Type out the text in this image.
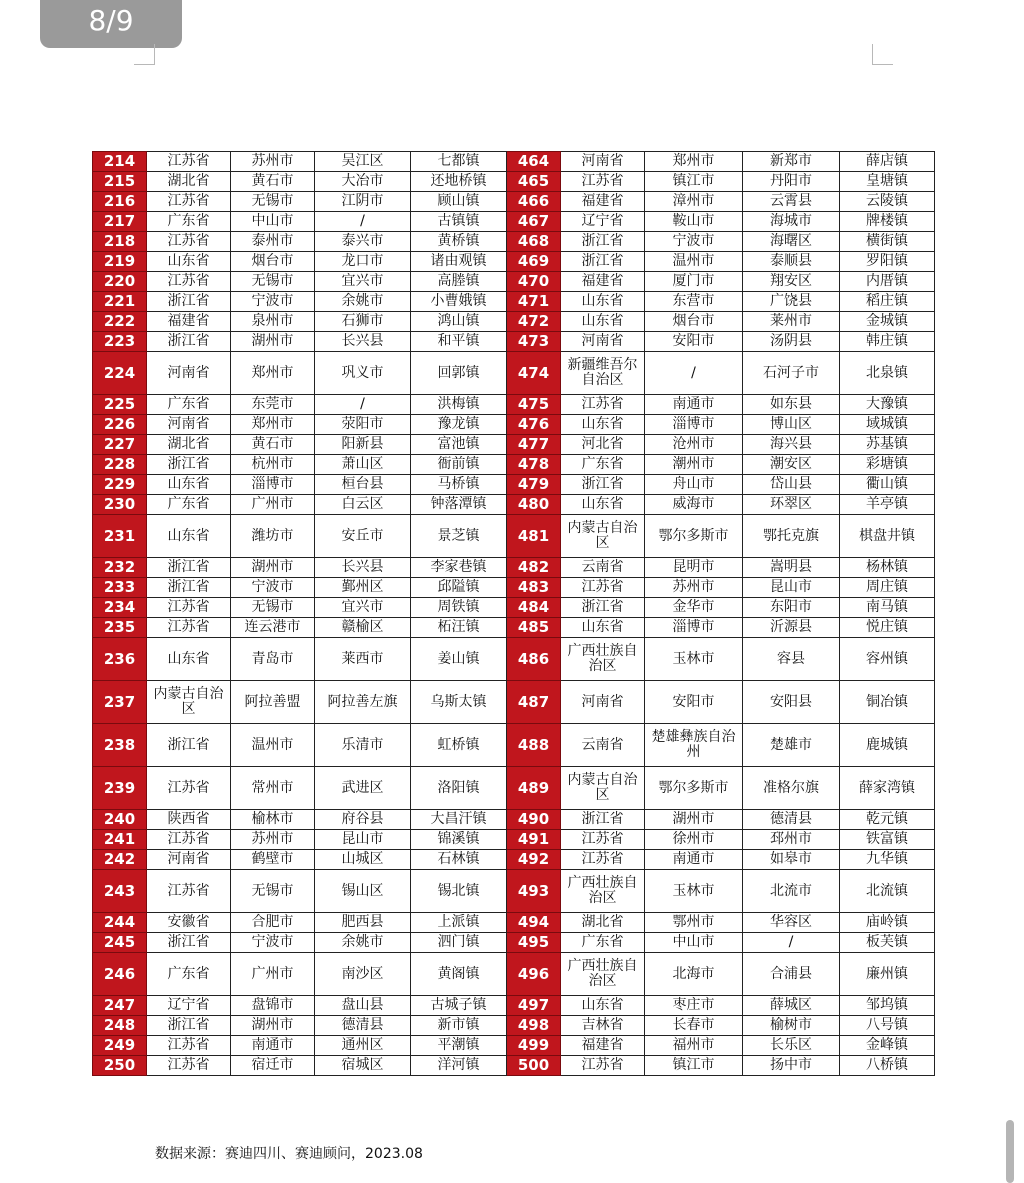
8/9
214	江苏省	苏州市	吴江区	七都镇	464	河南省	郑州市	新郑市	薛店镇
215	湖北省	黄石市	大冶市	还地桥镇	465	江苏省	镇江市	丹阳市	皇塘镇
216	江苏省	无锡市	江阴市	顾山镇	466	福建省	漳州市	云霄县	云陵镇
217	广东省	中山市	/	古镇镇	467	辽宁省	鞍山市	海城市	牌楼镇
218	江苏省	泰州市	泰兴市	黄桥镇	468	浙江省	宁波市	海曙区	横街镇
219	山东省	烟台市	龙口市	诸由观镇	469	浙江省	温州市	泰顺县	罗阳镇
220	江苏省	无锡市	宜兴市	高塍镇	470	福建省	厦门市	翔安区	内厝镇
221	浙江省	宁波市	余姚市	小曹娥镇	471	山东省	东营市	广饶县	稻庄镇
222	福建省	泉州市	石狮市	鸿山镇	472	山东省	烟台市	莱州市	金城镇
223	浙江省	湖州市	长兴县	和平镇	473	河南省	安阳市	汤阴县	韩庄镇
224	河南省	郑州市	巩义市	回郭镇	474	新疆维吾尔自治区	/	石河子市	北泉镇
225	广东省	东莞市	/	洪梅镇	475	江苏省	南通市	如东县	大豫镇
226	河南省	郑州市	荥阳市	豫龙镇	476	山东省	淄博市	博山区	域城镇
227	湖北省	黄石市	阳新县	富池镇	477	河北省	沧州市	海兴县	苏基镇
228	浙江省	杭州市	萧山区	衙前镇	478	广东省	潮州市	潮安区	彩塘镇
229	山东省	淄博市	桓台县	马桥镇	479	浙江省	舟山市	岱山县	衢山镇
230	广东省	广州市	白云区	钟落潭镇	480	山东省	威海市	环翠区	羊亭镇
231	山东省	潍坊市	安丘市	景芝镇	481	内蒙古自治区	鄂尔多斯市	鄂托克旗	棋盘井镇
232	浙江省	湖州市	长兴县	李家巷镇	482	云南省	昆明市	嵩明县	杨林镇
233	浙江省	宁波市	鄞州区	邱隘镇	483	江苏省	苏州市	昆山市	周庄镇
234	江苏省	无锡市	宜兴市	周铁镇	484	浙江省	金华市	东阳市	南马镇
235	江苏省	连云港市	赣榆区	柘汪镇	485	山东省	淄博市	沂源县	悦庄镇
236	山东省	青岛市	莱西市	姜山镇	486	广西壮族自治区	玉林市	容县	容州镇
237	内蒙古自治区	阿拉善盟	阿拉善左旗	乌斯太镇	487	河南省	安阳市	安阳县	铜冶镇
238	浙江省	温州市	乐清市	虹桥镇	488	云南省	楚雄彝族自治州	楚雄市	鹿城镇
239	江苏省	常州市	武进区	洛阳镇	489	内蒙古自治区	鄂尔多斯市	准格尔旗	薛家湾镇
240	陕西省	榆林市	府谷县	大昌汗镇	490	浙江省	湖州市	德清县	乾元镇
241	江苏省	苏州市	昆山市	锦溪镇	491	江苏省	徐州市	邳州市	铁富镇
242	河南省	鹤壁市	山城区	石林镇	492	江苏省	南通市	如皋市	九华镇
243	江苏省	无锡市	锡山区	锡北镇	493	广西壮族自治区	玉林市	北流市	北流镇
244	安徽省	合肥市	肥西县	上派镇	494	湖北省	鄂州市	华容区	庙岭镇
245	浙江省	宁波市	余姚市	泗门镇	495	广东省	中山市	/	板芙镇
246	广东省	广州市	南沙区	黄阁镇	496	广西壮族自治区	北海市	合浦县	廉州镇
247	辽宁省	盘锦市	盘山县	古城子镇	497	山东省	枣庄市	薛城区	邹坞镇
248	浙江省	湖州市	德清县	新市镇	498	吉林省	长春市	榆树市	八号镇
249	江苏省	南通市	通州区	平潮镇	499	福建省	福州市	长乐区	金峰镇
250	江苏省	宿迁市	宿城区	洋河镇	500	江苏省	镇江市	扬中市	八桥镇
数据来源：赛迪四川、赛迪顾问，2023.08
